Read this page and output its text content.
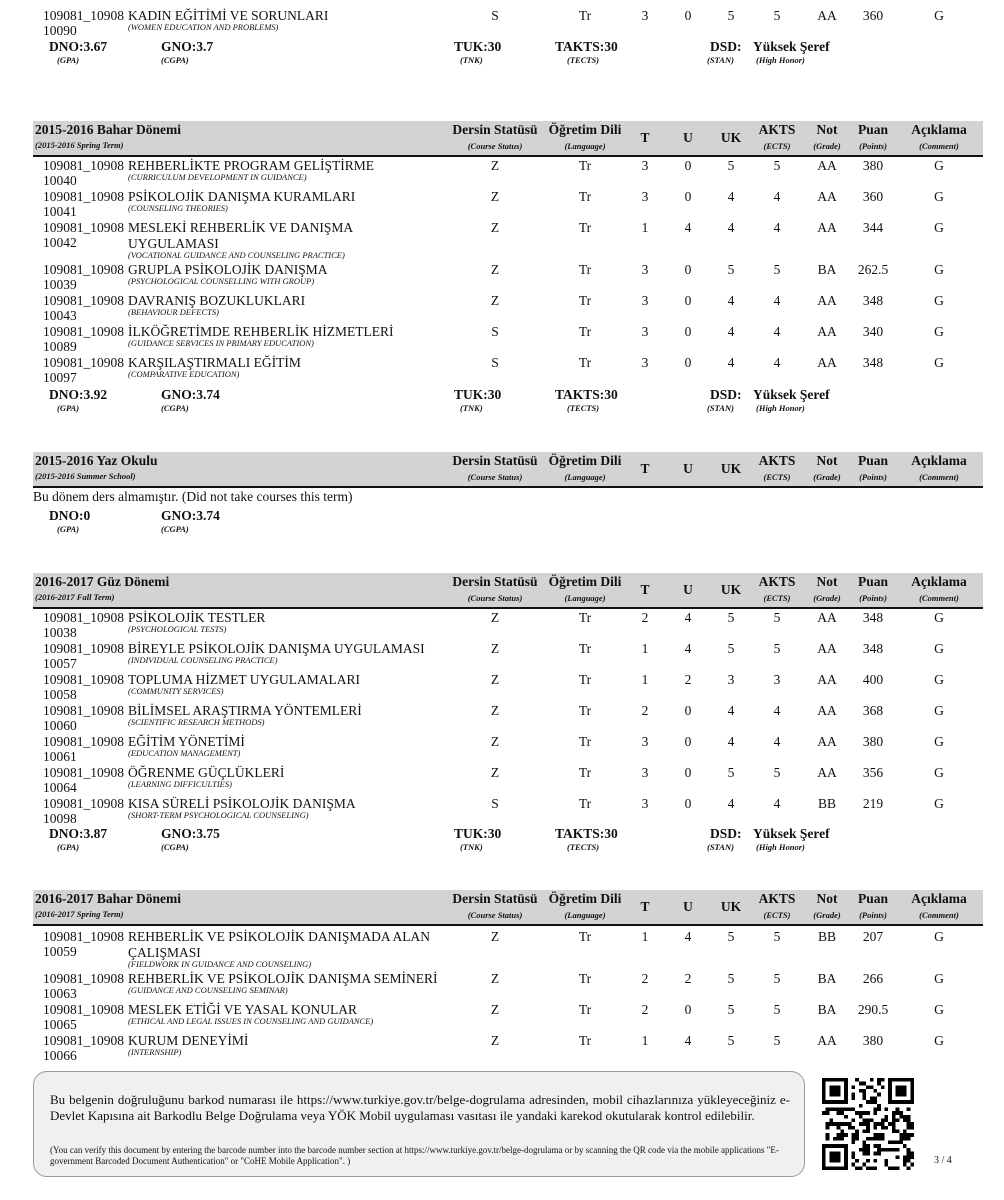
109081_10908
10090
KADIN EĞİTİMİ VE SORUNLARI
(WOMEN EDUCATION AND PROBLEMS)
S	Tr	3	0	5	5	AA 360	G
DNO:3.67
(GPA)
GNO:3.7
(CGPA)
TUK:30
(TNK)
TAKTS:30
(TECTS)
DSD:
(STAN)
Yüksek Şeref
(High Honor)
2015-2016 Bahar Dönemi
(2015-2016 Spring Term)
Dersin Statüsü
(Course Status)
Öğretim Dili
(Language)
T U UK
AKTS
(ECTS)
Not
(Grade)
Puan
(Points)
Açıklama
(Comment)
109081_10908
10040
REHBERLİKTE PROGRAM GELİŞTİRME
(CURRICULUM DEVELOPMENT IN GUIDANCE)
Z	Tr	3	0	5	5	AA 380	G
109081_10908
10041
PSİKOLOJİK DANIŞMA KURAMLARI
(COUNSELING THEORIES)
Z	Tr	3	0	4	4	AA 360	G
109081_10908
10042
MESLEKİ REHBERLİK VE DANIŞMA
UYGULAMASI
(VOCATIONAL GUIDANCE AND COUNSELING PRACTICE)
Z	Tr	1	4	4	4	AA 344	G
109081_10908
10039
GRUPLA PSİKOLOJİK DANIŞMA
(PSYCHOLOGICAL COUNSELLING WITH GROUP)
Z	Tr	3	0	5	5	BA 262.5	G
109081_10908
10043
DAVRANIŞ BOZUKLUKLARI
(BEHAVIOUR DEFECTS)
Z	Tr	3	0	4	4	AA 348	G
109081_10908
10089
İLKÖĞRETİMDE REHBERLİK HİZMETLERİ
(GUIDANCE SERVICES IN PRIMARY EDUCATION)
S	Tr	3	0	4	4	AA 340	G
109081_10908
10097
KARŞILAŞTIRMALI EĞİTİM
(COMPARATIVE EDUCATION)
S	Tr	3	0	4	4	AA 348	G
DNO:3.92
(GPA)
GNO:3.74
(CGPA)
TUK:30
(TNK)
TAKTS:30
(TECTS)
DSD:
(STAN)
Yüksek Şeref
(High Honor)
2015-2016 Yaz Okulu
(2015-2016 Summer School)
Dersin Statüsü
(Course Status)
Öğretim Dili
(Language)
T U UK
AKTS
(ECTS)
Not
(Grade)
Puan
(Points)
Açıklama
(Comment)
Bu dönem ders almamıştır. (Did not take courses this term)
DNO:0
(GPA)
GNO:3.74
(CGPA)
2016-2017 Güz Dönemi
(2016-2017 Fall Term)
Dersin Statüsü
(Course Status)
Öğretim Dili
(Language)
T U UK
AKTS
(ECTS)
Not
(Grade)
Puan
(Points)
Açıklama
(Comment)
109081_10908
10038
PSİKOLOJİK TESTLER
(PSYCHOLOGICAL TESTS)
Z	Tr	2	4	5	5	AA 348	G
109081_10908
10057
BİREYLE PSİKOLOJİK DANIŞMA UYGULAMASI
(INDIVIDUAL COUNSELING PRACTICE)
Z	Tr	1	4	5	5	AA 348	G
109081_10908
10058
TOPLUMA HİZMET UYGULAMALARI
(COMMUNITY SERVICES)
Z	Tr	1	2	3	3	AA 400	G
109081_10908
10060
BİLİMSEL ARAŞTIRMA YÖNTEMLERİ
(SCIENTIFIC RESEARCH METHODS)
Z	Tr	2	0	4	4	AA 368	G
109081_10908
10061
EĞİTİM YÖNETİMİ
(EDUCATION MANAGEMENT)
Z	Tr	3	0	4	4	AA 380	G
109081_10908
10064
ÖĞRENME GÜÇLÜKLERİ
(LEARNING DIFFICULTIES)
Z	Tr	3	0	5	5	AA 356	G
109081_10908
10098
KISA SÜRELİ PSİKOLOJİK DANIŞMA
(SHORT-TERM PSYCHOLOGICAL COUNSELING)
S	Tr	3	0	4	4	BB 219	G
DNO:3.87
(GPA)
GNO:3.75
(CGPA)
TUK:30
(TNK)
TAKTS:30
(TECTS)
DSD:
(STAN)
Yüksek Şeref
(High Honor)
2016-2017 Bahar Dönemi
(2016-2017 Spring Term)
Dersin Statüsü
(Course Status)
Öğretim Dili
(Language)
T U UK
AKTS
(ECTS)
Not
(Grade)
Puan
(Points)
Açıklama
(Comment)
109081_10908
10059
REHBERLİK VE PSİKOLOJİK DANIŞMADA ALAN
ÇALIŞMASI
(FIELDWORK IN GUIDANCE AND COUNSELING)
Z	Tr	1	4	5	5	BB 207	G
109081_10908
10063
REHBERLİK VE PSİKOLOJİK DANIŞMA SEMİNERİ
(GUIDANCE AND COUNSELING SEMINAR)
Z	Tr	2	2	5	5	BA 266	G
109081_10908
10065
MESLEK ETİĞİ VE YASAL KONULAR
(ETHICAL AND LEGAL ISSUES IN COUNSELING AND GUIDANCE)
Z	Tr	2	0	5	5	BA 290.5	G
109081_10908
10066
KURUM DENEYİMİ
(INTERNSHIP)
Z	Tr	1	4	5	5	AA 380	G
Bu belgenin doğruluğunu barkod numarası ile https://www.turkiye.gov.tr/belge-dogrulama adresinden, mobil cihazlarınıza yükleyeceğiniz e-Devlet Kapısına ait Barkodlu Belge Doğrulama veya YÖK Mobil uygulaması vasıtası ile yandaki karekod okutularak kontrol edilebilir.
(You can verify this document by entering the barcode number into the barcode number section at https://www.turkiye.gov.tr/belge-dogrulama or by scanning the QR code via the mobile applications "E-government Barcoded Document Authentication" or "CoHE Mobile Application". )	3 / 4
